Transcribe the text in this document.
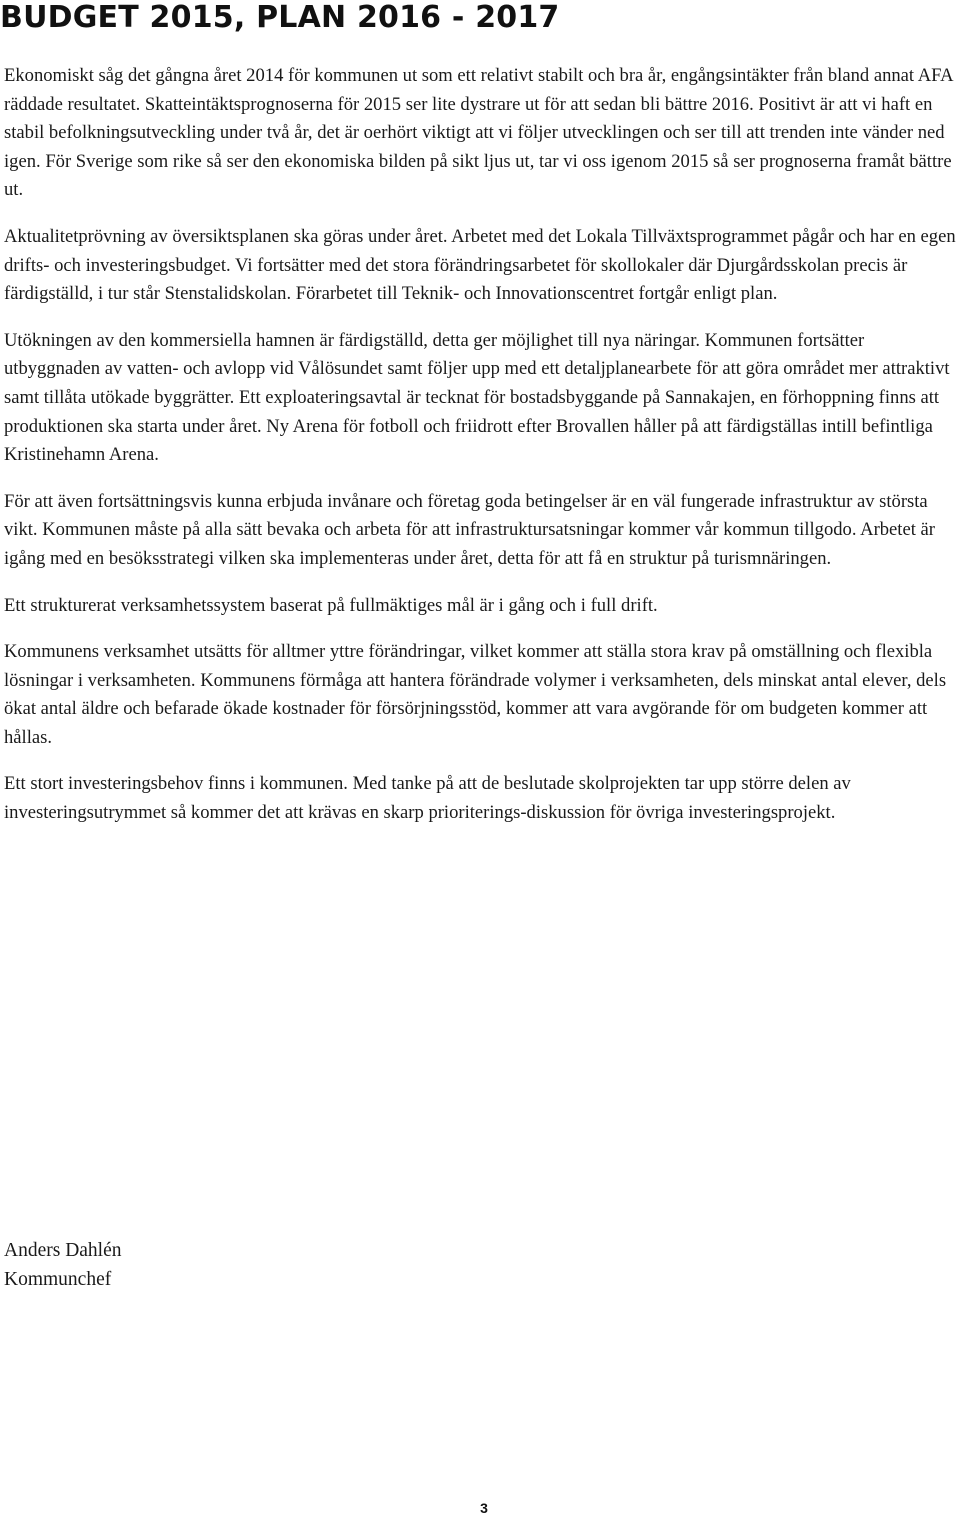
BUDGET 2015, PLAN 2016 - 2017

Ekonomiskt såg det gångna året 2014 för kommunen ut som ett relativt stabilt och bra år, engångsintäkter från bland annat AFA räddade resultatet. Skatteintäktsprognoserna för 2015 ser lite dystrare ut för att sedan bli bättre 2016. Positivt är att vi haft en stabil befolkningsutveckling under två år, det är oerhört viktigt att vi följer utvecklingen och ser till att trenden inte vänder ned igen. För Sverige som rike så ser den ekonomiska bilden på sikt ljus ut, tar vi oss igenom 2015 så ser prognoserna framåt bättre ut.

Aktualitetprövning av översiktsplanen ska göras under året. Arbetet med det Lokala Tillväxtsprogrammet pågår och har en egen drifts- och investeringsbudget. Vi fortsätter med det stora förändringsarbetet för skollokaler där Djurgårdsskolan precis är färdigställd, i tur står Stenstalidskolan. Förarbetet till Teknik- och Innovationscentret fortgår enligt plan.

Utökningen av den kommersiella hamnen är färdigställd, detta ger möjlighet till nya näringar. Kommunen fortsätter utbyggnaden av vatten- och avlopp vid Vålösundet samt följer upp med ett detaljplanearbete för att göra området mer attraktivt samt tillåta utökade byggrätter. Ett exploateringsavtal är tecknat för bostadsbyggande på Sannakajen, en förhoppning finns att produktionen ska starta under året. Ny Arena för fotboll och friidrott efter Brovallen håller på att färdigställas intill befintliga Kristinehamn Arena.

För att även fortsättningsvis kunna erbjuda invånare och företag goda betingelser är en väl fungerade infrastruktur av största vikt. Kommunen måste på alla sätt bevaka och arbeta för att infrastruktursatsningar kommer vår kommun tillgodo. Arbetet är igång med en besöksstrategi vilken ska implementeras under året, detta för att få en struktur på turismnäringen.

Ett strukturerat verksamhetssystem baserat på fullmäktiges mål är i gång och i full drift.

Kommunens verksamhet utsätts för alltmer yttre förändringar, vilket kommer att ställa stora krav på omställning och flexibla lösningar i verksamheten. Kommunens förmåga att hantera förändrade volymer i verksamheten, dels minskat antal elever, dels ökat antal äldre och befarade ökade kostnader för försörjningsstöd, kommer att vara avgörande för om budgeten kommer att hållas.

Ett stort investeringsbehov finns i kommunen. Med tanke på att de beslutade skolprojekten tar upp större delen av investeringsutrymmet så kommer det att krävas en skarp prioriterings-diskussion för övriga investeringsprojekt.

Anders Dahlén
Kommunchef
3
